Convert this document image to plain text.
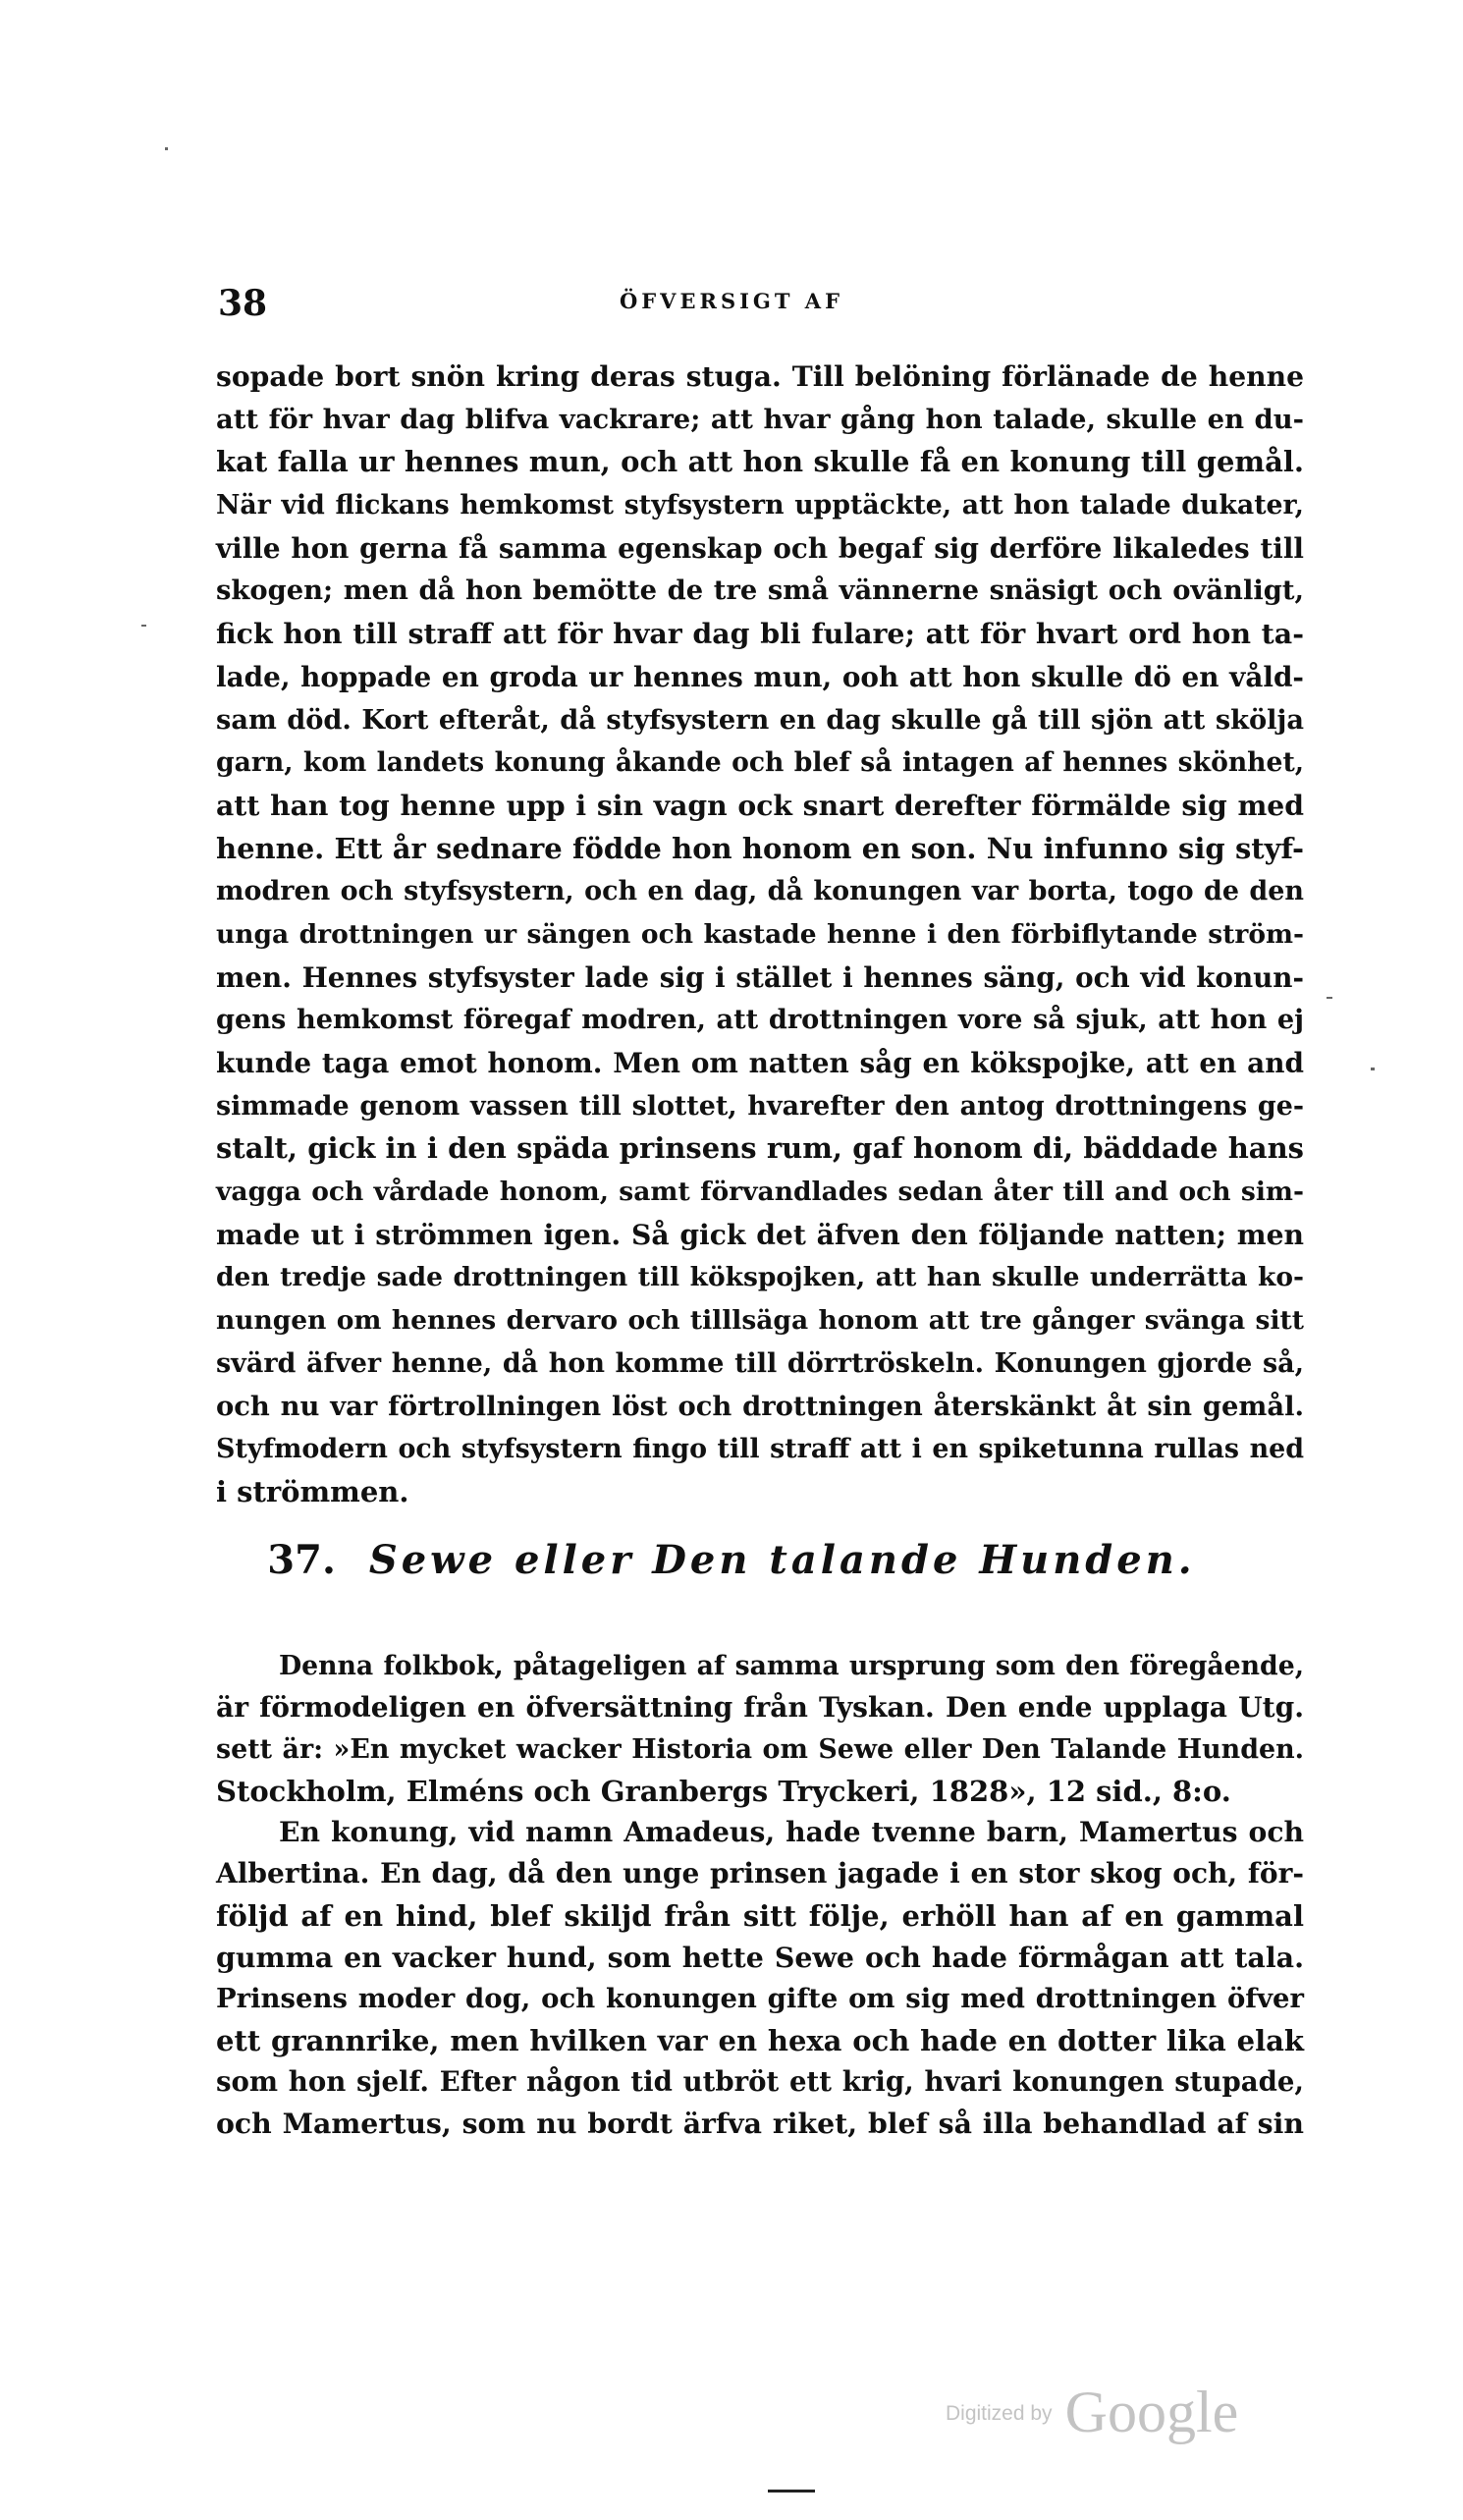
38	ÖFVERSIGT AF
sopade bort snön kring deras stuga. Till belöning förlänade de henne
att för hvar dag blifva vackrare; att hvar gång hon talade, skulle en du-
kat falla ur hennes mun, och att hon skulle få en konung till gemål.
När vid flickans hemkomst styfsystern upptäckte, att hon talade dukater,
ville hon gerna få samma egenskap och begaf sig derföre likaledes till
skogen; men då hon bemötte de tre små vännerne snäsigt och ovänligt,
fick hon till straff att för hvar dag bli fulare; att för hvart ord hon ta-
lade, hoppade en groda ur hennes mun, ooh att hon skulle dö en våld-
sam död. Kort efteråt, då styfsystern en dag skulle gå till sjön att skölja
garn, kom landets konung åkande och blef så intagen af hennes skönhet,
att han tog henne upp i sin vagn ock snart derefter förmälde sig med
henne. Ett år sednare födde hon honom en son. Nu infunno sig styf-
modren och styfsystern, och en dag, då konungen var borta, togo de den
unga drottningen ur sängen och kastade henne i den förbiflytande ström-
men. Hennes styfsyster lade sig i stället i hennes säng, och vid konun-
gens hemkomst föregaf modren, att drottningen vore så sjuk, att hon ej
kunde taga emot honom. Men om natten såg en kökspojke, att en and
simmade genom vassen till slottet, hvarefter den antog drottningens ge-
stalt, gick in i den späda prinsens rum, gaf honom di, bäddade hans
vagga och vårdade honom, samt förvandlades sedan åter till and och sim-
made ut i strömmen igen. Så gick det äfven den följande natten; men
den tredje sade drottningen till kökspojken, att han skulle underrätta ko-
nungen om hennes dervaro och tilllsäga honom att tre gånger svänga sitt
svärd äfver henne, då hon komme till dörrtröskeln. Konungen gjorde så,
och nu var förtrollningen löst och drottningen återskänkt åt sin gemål.
Styfmodern och styfsystern fingo till straff att i en spiketunna rullas ned
i strömmen.
37. Sewe eller Den talande Hunden.
Denna folkbok, påtageligen af samma ursprung som den föregående,
är förmodeligen en öfversättning från Tyskan. Den ende upplaga Utg.
sett är: »En mycket wacker Historia om Sewe eller Den Talande Hunden.
Stockholm, Elméns och Granbergs Tryckeri, 1828», 12 sid., 8:o.
En konung, vid namn Amadeus, hade tvenne barn, Mamertus och
Albertina. En dag, då den unge prinsen jagade i en stor skog och, för-
följd af en hind, blef skiljd från sitt följe, erhöll han af en gammal
gumma en vacker hund, som hette Sewe och hade förmågan att tala.
Prinsens moder dog, och konungen gifte om sig med drottningen öfver
ett grannrike, men hvilken var en hexa och hade en dotter lika elak
som hon sjelf. Efter någon tid utbröt ett krig, hvari konungen stupade,
och Mamertus, som nu bordt ärfva riket, blef så illa behandlad af sin
Digitized by Google
